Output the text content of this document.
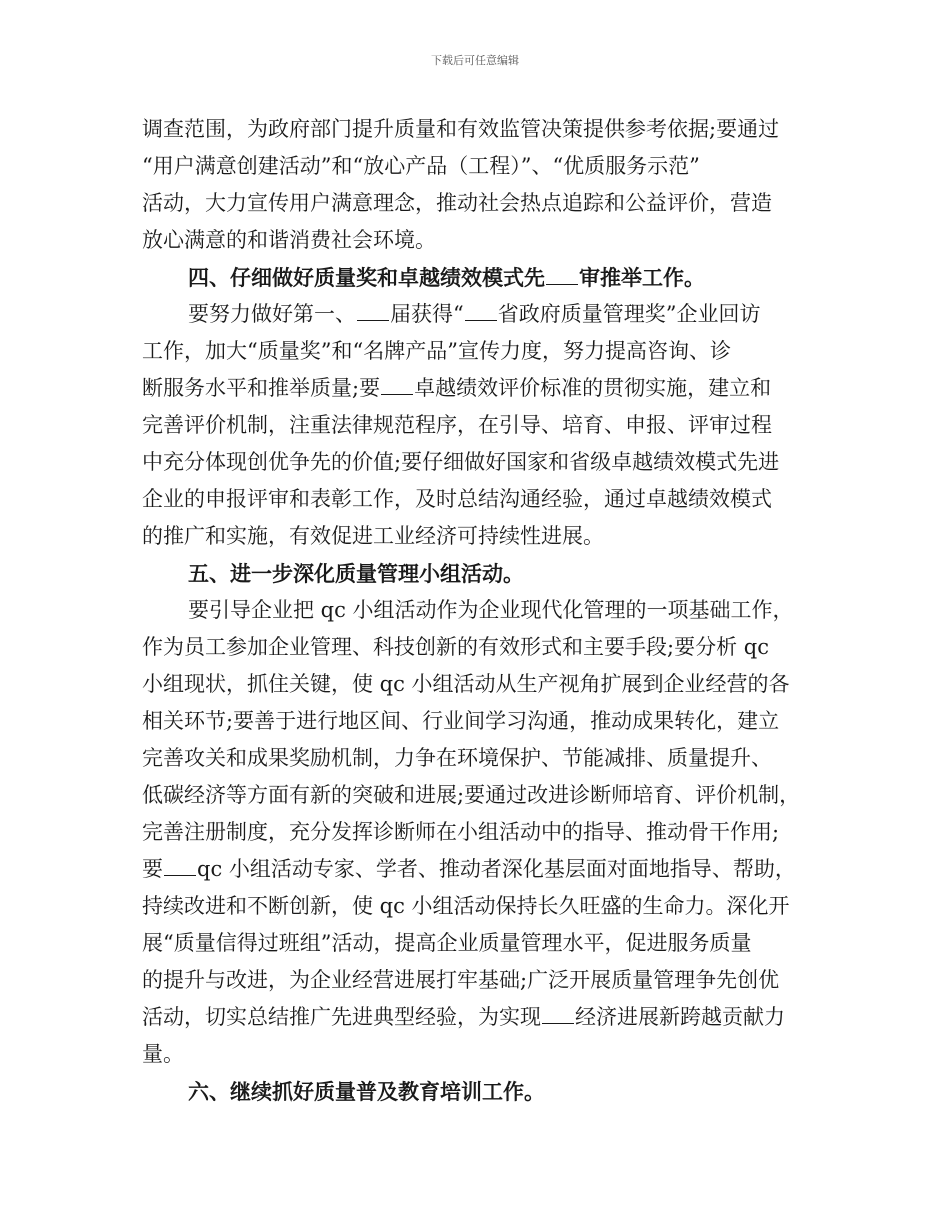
下载后可任意编辑
调查范围，为政府部门提升质量和有效监管决策提供参考依据;要通过
“用户满意创建活动”和“放心产品（工程）”、“优质服务示范”
活动，大力宣传用户满意理念，推动社会热点追踪和公益评价，营造
放心满意的和谐消费社会环境。
四、仔细做好质量奖和卓越绩效模式先 审推举工作。
要努力做好第一、 届获得“ 省政府质量管理奖”企业回访
工作，加大“质量奖”和“名牌产品”宣传力度，努力提高咨询、诊
断服务水平和推举质量;要 卓越绩效评价标准的贯彻实施，建立和
完善评价机制，注重法律规范程序，在引导、培育、申报、评审过程
中充分体现创优争先的价值;要仔细做好国家和省级卓越绩效模式先进
企业的申报评审和表彰工作，及时总结沟通经验，通过卓越绩效模式
的推广和实施，有效促进工业经济可持续性进展。
五、进一步深化质量管理小组活动。
要引导企业把 qc 小组活动作为企业现代化管理的一项基础工作，
作为员工参加企业管理、科技创新的有效形式和主要手段;要分析 qc
小组现状，抓住关键，使 qc 小组活动从生产视角扩展到企业经营的各
相关环节;要善于进行地区间、行业间学习沟通，推动成果转化，建立
完善攻关和成果奖励机制，力争在环境保护、节能减排、质量提升、
低碳经济等方面有新的突破和进展;要通过改进诊断师培育、评价机制，
完善注册制度，充分发挥诊断师在小组活动中的指导、推动骨干作用;
要 qc 小组活动专家、学者、推动者深化基层面对面地指导、帮助，
持续改进和不断创新，使 qc 小组活动保持长久旺盛的生命力。深化开
展“质量信得过班组”活动，提高企业质量管理水平，促进服务质量
的提升与改进，为企业经营进展打牢基础;广泛开展质量管理争先创优
活动，切实总结推广先进典型经验，为实现 经济进展新跨越贡献力
量。
六、继续抓好质量普及教育培训工作。
